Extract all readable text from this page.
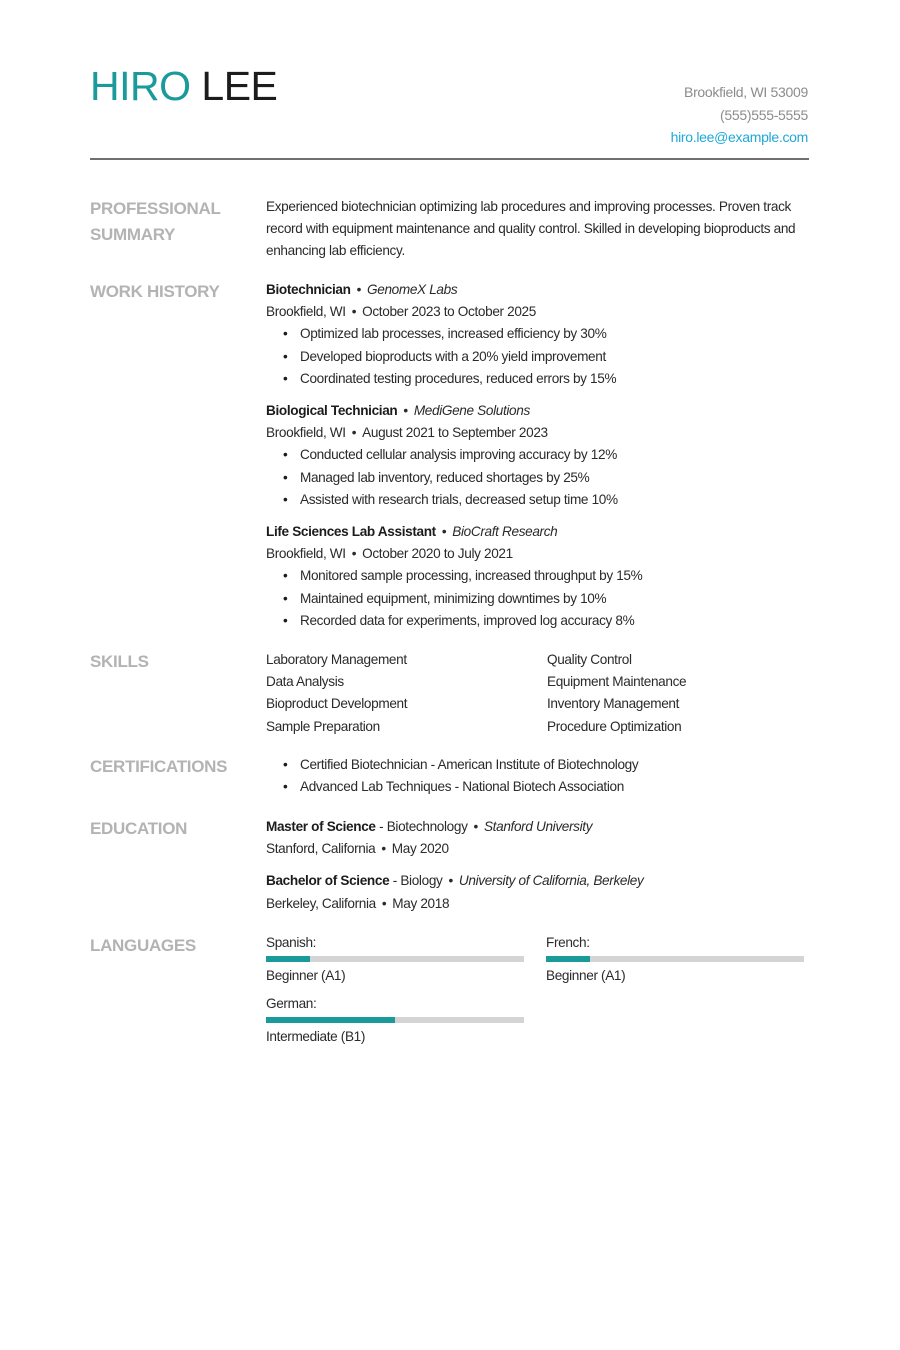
HIRO LEE	Brookfield, WI 53009
(555)555-5555
hiro.lee@example.com
PROFESSIONAL
SUMMARY
Experienced biotechnician optimizing lab procedures and improving processes. Proven track record with equipment maintenance and quality control. Skilled in developing bioproducts and enhancing lab efficiency.
WORK HISTORY	Biotechnician • GenomeX Labs
Brookfield, WI • October 2023 to October 2025
• Optimized lab processes, increased efficiency by 30%
• Developed bioproducts with a 20% yield improvement
• Coordinated testing procedures, reduced errors by 15%
Biological Technician • MediGene Solutions
Brookfield, WI • August 2021 to September 2023
• Conducted cellular analysis improving accuracy by 12%
• Managed lab inventory, reduced shortages by 25%
• Assisted with research trials, decreased setup time 10%
Life Sciences Lab Assistant • BioCraft Research
Brookfield, WI • October 2020 to July 2021
• Monitored sample processing, increased throughput by 15%
• Maintained equipment, minimizing downtimes by 10%
• Recorded data for experiments, improved log accuracy 8%
SKILLS	Laboratory Management	Quality Control
Data Analysis	Equipment Maintenance
Bioproduct Development	Inventory Management
Sample Preparation	Procedure Optimization
CERTIFICATIONS
•	Certified Biotechnician - American Institute of Biotechnology
• Advanced Lab Techniques - National Biotech Association
EDUCATION	Master of Science - Biotechnology • Stanford University
Stanford, California • May 2020
Bachelor of Science - Biology • University of California, Berkeley
Berkeley, California • May 2018
LANGUAGES	Spanish:
Beginner (A1)
French:
Beginner (A1)
German:
Intermediate (B1)
